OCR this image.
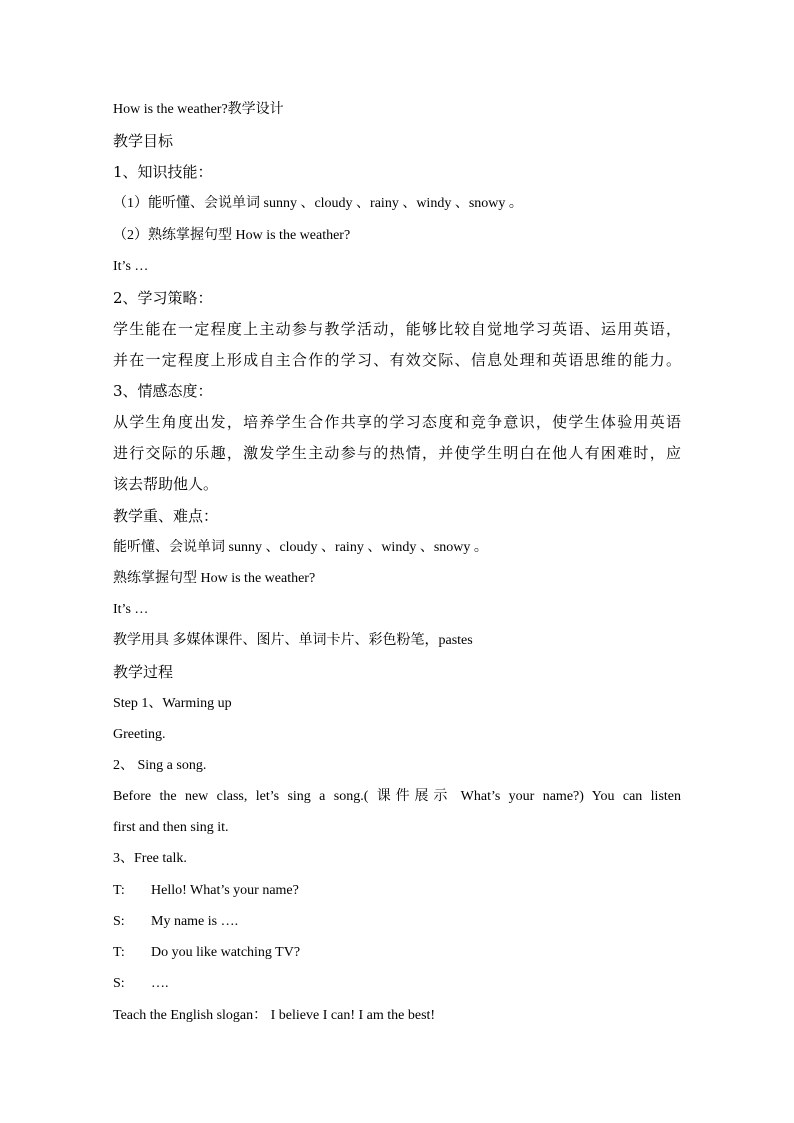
How is the weather?教学设计
教学目标
1、知识技能：
（1）能听懂、会说单词 sunny 、cloudy 、rainy 、windy 、snowy 。
（2）熟练掌握句型 How is the weather?
It’s …
2、学习策略：
学生能在一定程度上主动参与教学活动，能够比较自觉地学习英语、运用英语，
并在一定程度上形成自主合作的学习、有效交际、信息处理和英语思维的能力。
3、情感态度：
从学生角度出发，培养学生合作共享的学习态度和竞争意识，使学生体验用英语
进行交际的乐趣，激发学生主动参与的热情，并使学生明白在他人有困难时，应
该去帮助他人。
教学重、难点：
能听懂、会说单词 sunny 、cloudy 、rainy 、windy 、snowy 。
熟练掌握句型 How is the weather?
It’s …
教学用具 多媒体课件、图片、单词卡片、彩色粉笔，pastes
教学过程
Step 1、Warming up
Greeting.
2、 Sing a song.
Before the new class, let’s sing a song.( 课件展示 What’s your name?) You can listen
first and then sing it.
3、Free talk.
T: Hello! What’s your name?
S: My name is ….
T: Do you like watching TV?
S: ….
Teach the English slogan： I believe I can! I am the best!
